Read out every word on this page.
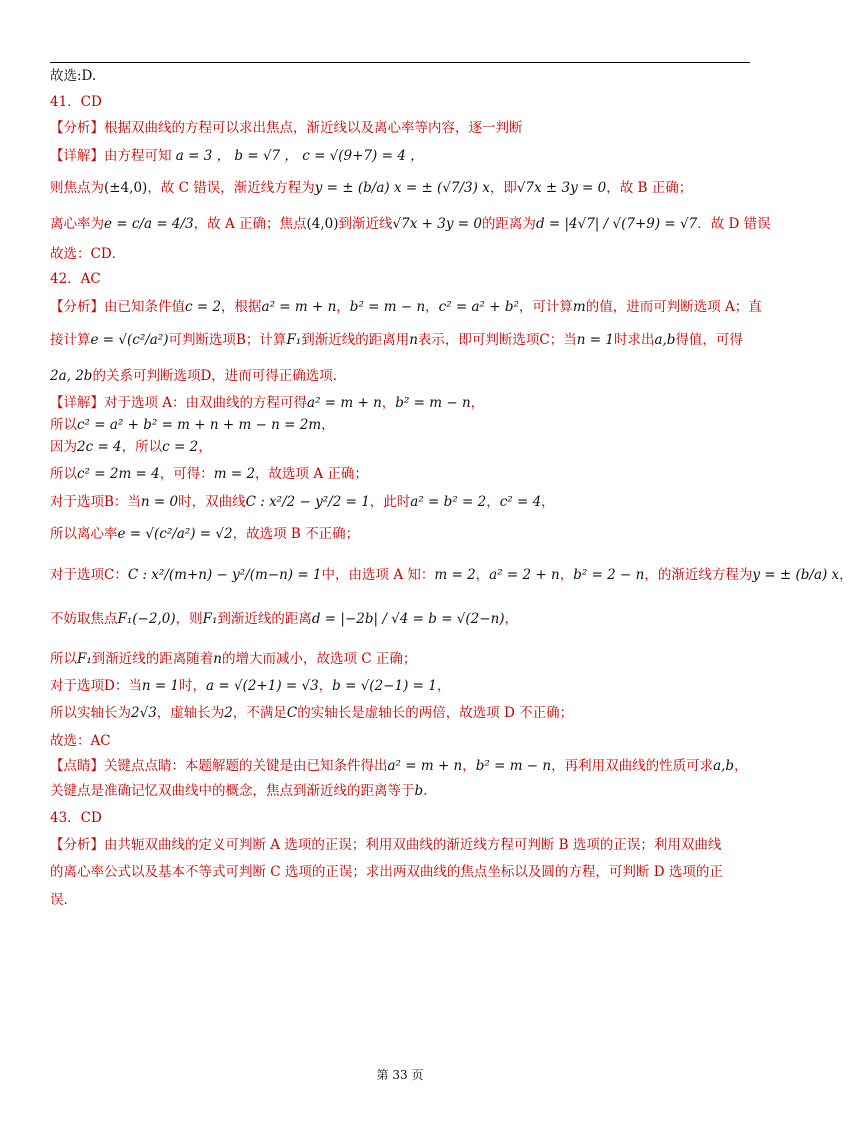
故选:D.

41．CD

【分析】根据双曲线的方程可以求出焦点，渐近线以及离心率等内容，逐一判断

【详解】由方程可知 a = 3 ， b = √7 ， c = √(9+7) = 4 ，

则焦点为(±4,0)，故 C 错误，渐近线方程为y = ± (b/a) x = ± (√7/3) x，即√7x ± 3y = 0，故 B 正确；

离心率为e = c/a = 4/3，故 A 正确；焦点(4,0)到渐近线√7x + 3y = 0的距离为d = |4√7| / √(7+9) = √7．故 D 错误

故选：CD．

42．AC

【分析】由已知条件值c = 2，根据a² = m + n，b² = m − n，c² = a² + b²，可计算m的值，进而可判断选项 A；直

接计算e = √(c²/a²)可判断选项B；计算F₁到渐近线的距离用n表示，即可判断选项C；当n = 1时求出a,b得值，可得

2a, 2b的关系可判断选项D，进而可得正确选项.

【详解】对于选项 A：由双曲线的方程可得a² = m + n，b² = m − n，

所以c² = a² + b² = m + n + m − n = 2m，

因为2c = 4，所以c = 2，

所以c² = 2m = 4，可得：m = 2，故选项 A 正确；

对于选项B：当n = 0时，双曲线C : x²/2 − y²/2 = 1，此时a² = b² = 2，c² = 4，

所以离心率e = √(c²/a²) = √2，故选项 B 不正确；

对于选项C：C : x²/(m+n) − y²/(m−n) = 1中，由选项 A 知：m = 2，a² = 2 + n，b² = 2 − n，的渐近线方程为y = ± (b/a) x，

不妨取焦点F₁(−2,0)，则F₁到渐近线的距离d = |−2b| / √4 = b = √(2−n)，

所以F₁到渐近线的距离随着n的增大而减小，故选项 C 正确；

对于选项D：当n = 1时，a = √(2+1) = √3，b = √(2−1) = 1，

所以实轴长为2√3，虚轴长为2，不满足C的实轴长是虚轴长的两倍，故选项 D 不正确；

故选：AC

【点睛】关键点点睛：本题解题的关键是由已知条件得出a² = m + n，b² = m − n，再利用双曲线的性质可求a,b，

关键点是准确记忆双曲线中的概念，焦点到渐近线的距离等于b.

43．CD

【分析】由共轭双曲线的定义可判断 A 选项的正误；利用双曲线的渐近线方程可判断 B 选项的正误；利用双曲线

的离心率公式以及基本不等式可判断 C 选项的正误；求出两双曲线的焦点坐标以及圆的方程，可判断 D 选项的正

误.

第 33 页
